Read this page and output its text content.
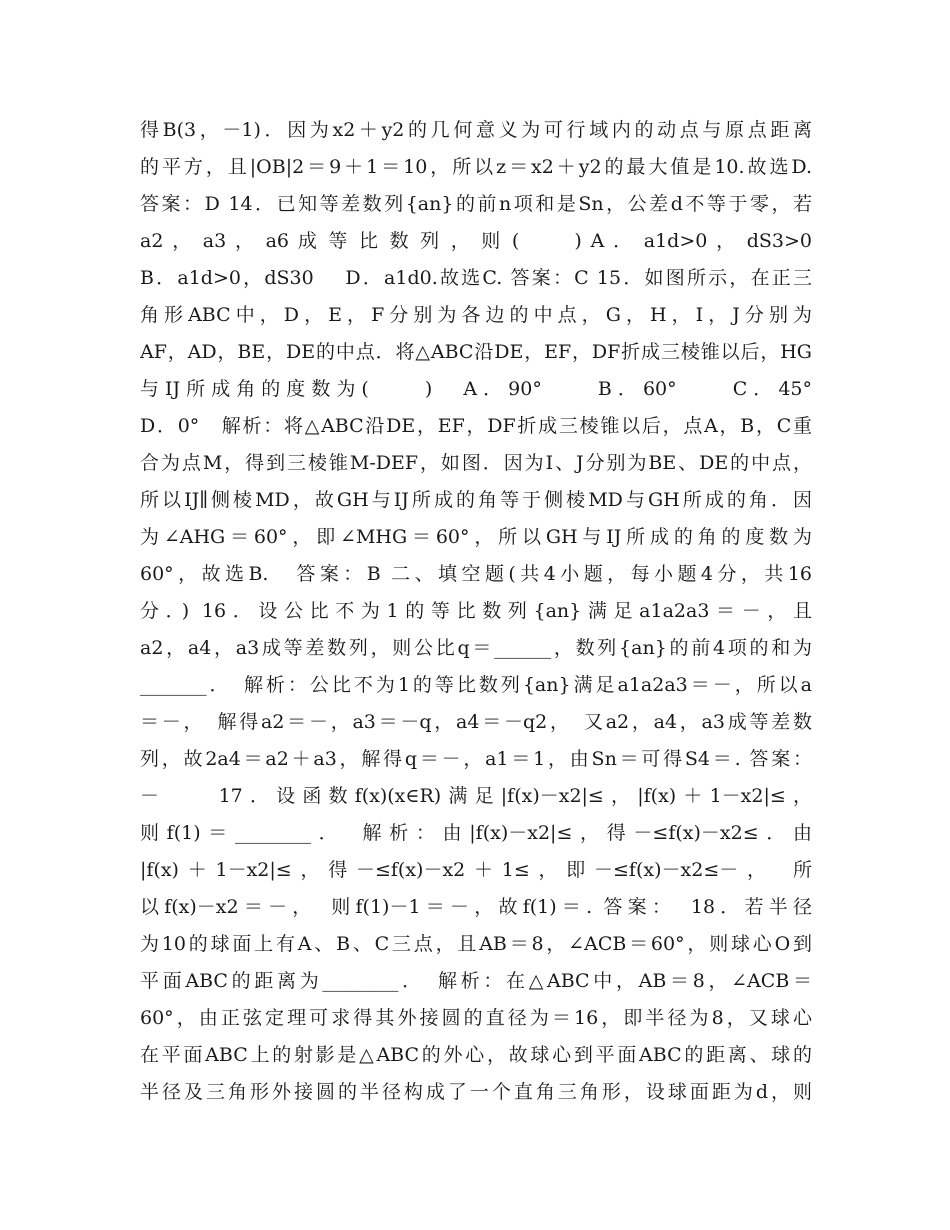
得B(3，－1)．因为x2＋y2的几何意义为可行域内的动点与原点距离
的平方，且|OB|2＝9＋1＝10，所以z＝x2＋y2的最大值是10.故选D.
答案：D 14．已知等差数列{an}的前n项和是Sn，公差d不等于零，若
a2 ， a3 ， a6 成 等 比 数 列 ， 则 (　　 ) A ． a1d>0 ， dS3>0
B．a1d>0，dS30　 D．a1d0.故选C. 答案：C 15．如图所示，在正三
角形ABC中，D，E，F分别为各边的中点，G，H，I，J分别为
AF，AD，BE，DE的中点．将△ABC沿DE，EF，DF折成三棱锥以后，HG
与IJ所成角的度数为(　　)　A．90°　　B．60°　　C．45°
D．0°　解析：将△ABC沿DE，EF，DF折成三棱锥以后，点A，B，C重
合为点M，得到三棱锥M-DEF，如图．因为I、J分别为BE、DE的中点，
所以IJ∥侧棱MD，故GH与IJ所成的角等于侧棱MD与GH所成的角．因
为∠AHG＝60°，即∠MHG＝60°，所以GH与IJ所成的角的度数为
60°，故选B.　答案：B 二、填空题(共4小题，每小题4分，共16
分．) 16．设公比不为1的等比数列{an}满足a1a2a3＝－，且
a2，a4，a3成等差数列，则公比q＝______，数列{an}的前4项的和为
_______．　解析：公比不为1的等比数列{an}满足a1a2a3＝－，所以a
＝－，　解得a2＝－，a3＝－q，a4＝－q2，　又a2，a4，a3成等差数
列，故2a4＝a2＋a3，解得q＝－，a1＝1，由Sn＝可得S4＝. 答案：
－　　17．设函数f(x)(x∈R)满足|f(x)－x2|≤，|f(x)＋1－x2|≤，
则f(1)＝________．　解析：由|f(x)－x2|≤，得－≤f(x)－x2≤．由
|f(x)＋1－x2|≤，得－≤f(x)－x2＋1≤，即－≤f(x)－x2≤－，　所
以f(x)－x2＝－，　则f(1)－1＝－，故f(1)＝. 答案：　18．若半径
为10的球面上有A、B、C三点，且AB＝8，∠ACB＝60°，则球心O到
平面ABC的距离为________．　解析：在△ABC中，AB＝8，∠ACB＝
60°，由正弦定理可求得其外接圆的直径为＝16，即半径为8，又球心
在平面ABC上的射影是△ABC的外心，故球心到平面ABC的距离、球的
半径及三角形外接圆的半径构成了一个直角三角形，设球面距为d，则
